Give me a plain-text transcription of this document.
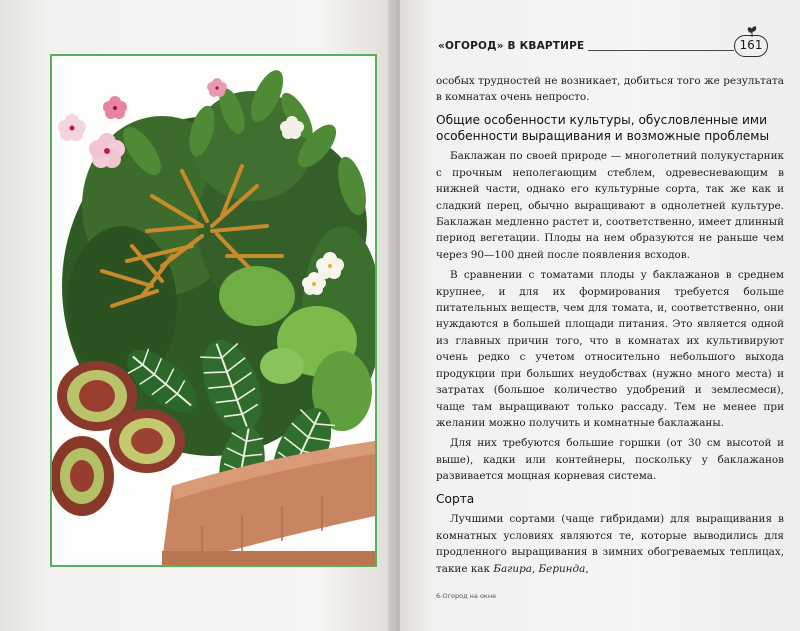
«ОГОРОД» В КВАРТИРЕ	161

особых трудностей не возникает, добиться того же результата в комнатах очень непросто.

Общие особенности культуры, обусловленные ими особенности выращивания и возможные проблемы

Баклажан по своей природе — многолетний полукустарник с прочным неполегающим стеблем, одревесневающим в нижней части, однако его культурные сорта, так же как и сладкий перец, обычно выращивают в однолетней культуре. Баклажан медленно растет и, соответственно, имеет длинный период вегетации. Плоды на нем образуются не раньше чем через 90—100 дней после появления всходов.

В сравнении с томатами плоды у баклажанов в среднем крупнее, и для их формирования требуется больше питательных веществ, чем для томата, и, соответственно, они нуждаются в большей площади питания. Это является одной из главных причин того, что в комнатах их культивируют очень редко с учетом относительно небольшого выхода продукции при больших неудобствах (нужно много места) и затратах (большое количество удобрений и землесмеси), чаще там выращивают только рассаду. Тем не менее при желании можно получить и комнатные баклажаны.

Для них требуются большие горшки (от 30 см высотой и выше), кадки или контейнеры, поскольку у баклажанов развивается мощная корневая система.

Сорта

Лучшими сортами (чаще гибридами) для выращивания в комнатных условиях являются те, которые выводились для продленного выращивания в зимних обогреваемых теплицах, такие как Багира, Беринда,

6-Огород на окне
